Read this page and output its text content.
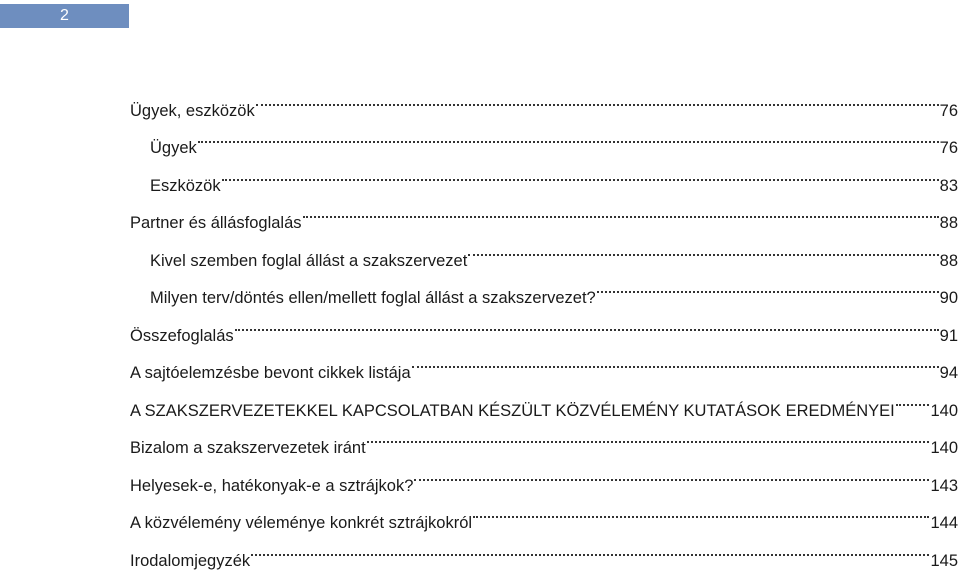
2
Ügyek, eszközök	76
Ügyek	76
Eszközök	83
Partner és állásfoglalás	88
Kivel szemben foglal állást a szakszervezet	88
Milyen terv/döntés ellen/mellett foglal állást a szakszervezet?	90
Összefoglalás	91
A sajtóelemzésbe bevont cikkek listája	94
A SZAKSZERVEZETEKKEL KAPCSOLATBAN KÉSZÜLT KÖZVÉLEMÉNY KUTATÁSOK EREDMÉNYEI 140
Bizalom a szakszervezetek iránt	140
Helyesek-e, hatékonyak-e a sztrájkok?	143
A közvélemény véleménye konkrét sztrájkokról	144
Irodalomjegyzék	145
